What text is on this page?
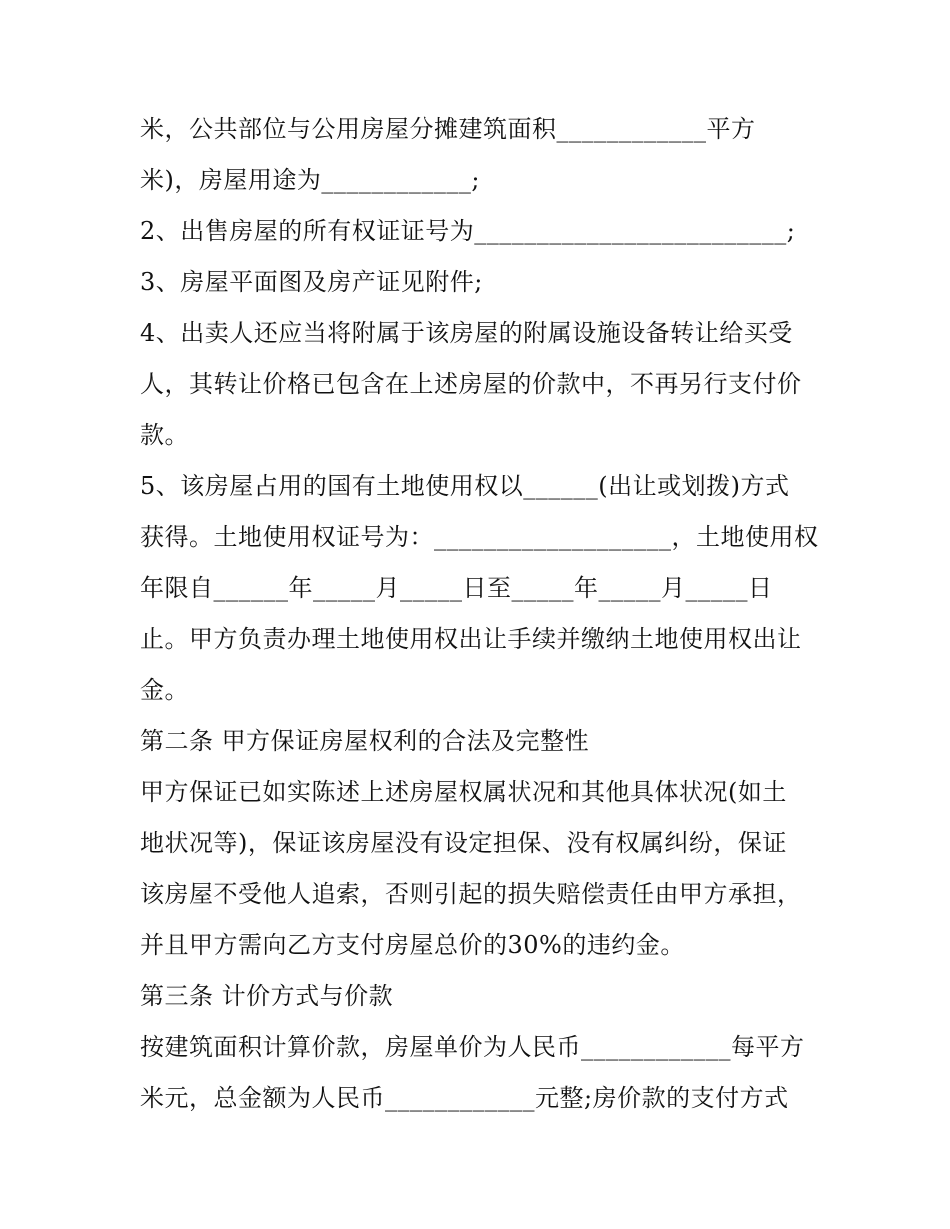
米，公共部位与公用房屋分摊建筑面积____________平方
米)，房屋用途为____________;
2、出售房屋的所有权证证号为_________________________;
3、房屋平面图及房产证见附件;
4、出卖人还应当将附属于该房屋的附属设施设备转让给买受
人，其转让价格已包含在上述房屋的价款中，不再另行支付价
款。
5、该房屋占用的国有土地使用权以______(出让或划拨)方式
获得。土地使用权证号为：___________________，土地使用权
年限自______年_____月_____日至_____年_____月_____日
止。甲方负责办理土地使用权出让手续并缴纳土地使用权出让
金。
第二条 甲方保证房屋权利的合法及完整性
甲方保证已如实陈述上述房屋权属状况和其他具体状况(如土
地状况等)，保证该房屋没有设定担保、没有权属纠纷，保证
该房屋不受他人追索，否则引起的损失赔偿责任由甲方承担，
并且甲方需向乙方支付房屋总价的30%的违约金。
第三条 计价方式与价款
按建筑面积计算价款，房屋单价为人民币____________每平方
米元，总金额为人民币____________元整;房价款的支付方式
